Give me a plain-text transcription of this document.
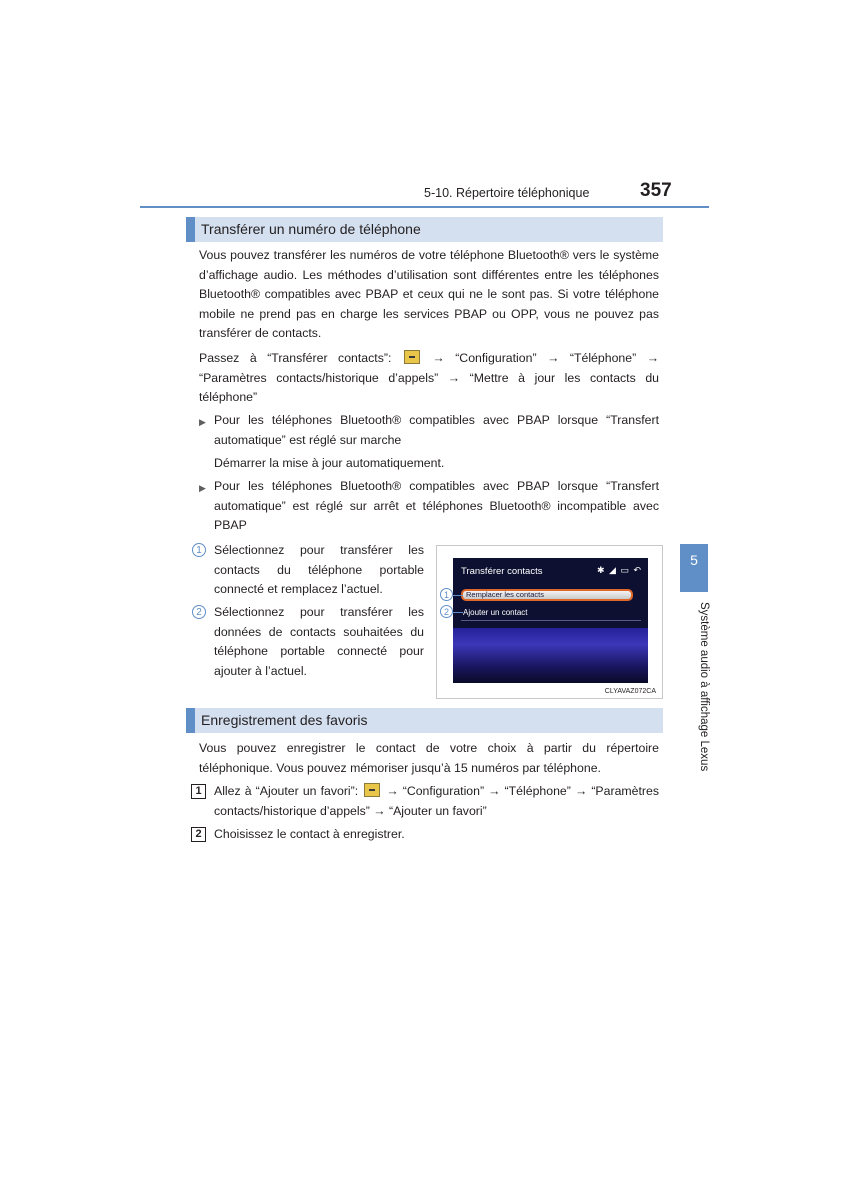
5-10. Répertoire téléphonique	357
5
Système audio à affichage Lexus
Transférer un numéro de téléphone
Vous pouvez transférer les numéros de votre téléphone Bluetooth® vers le système d’affichage audio. Les méthodes d’utilisation sont différentes entre les téléphones Bluetooth® compatibles avec PBAP et ceux qui ne le sont pas. Si votre téléphone mobile ne prend pas en charge les services PBAP ou OPP, vous ne pouvez pas transférer de contacts.
Passez à “Transférer contacts”:	→ “Configuration” → “Téléphone” → “Paramètres contacts/historique d’appels” → “Mettre à jour les contacts du téléphone”
▶ Pour les téléphones Bluetooth® compatibles avec PBAP lorsque “Transfert automatique” est réglé sur marche
Démarrer la mise à jour automatiquement.
▶ Pour les téléphones Bluetooth® compatibles avec PBAP lorsque “Transfert automatique” est réglé sur arrêt et téléphones Bluetooth® incompatible avec PBAP
1 Sélectionnez pour transférer les contacts du téléphone portable connecté et remplacez l’actuel.
2 Sélectionnez pour transférer les données de contacts souhaitées du téléphone portable connecté pour ajouter à l’actuel.
Transférer contacts	✱ ◢ ▭ ↶
Remplacer les contacts
Ajouter un contact
1
2
CLYAVAZ072CA
Enregistrement des favoris
Vous pouvez enregistrer le contact de votre choix à partir du répertoire téléphonique. Vous pouvez mémoriser jusqu’à 15 numéros par téléphone.
1	Allez à “Ajouter un favori”: → “Configuration” → “Téléphone” → “Paramètres contacts/historique d’appels” → “Ajouter un favori”
2	Choisissez le contact à enregistrer.
